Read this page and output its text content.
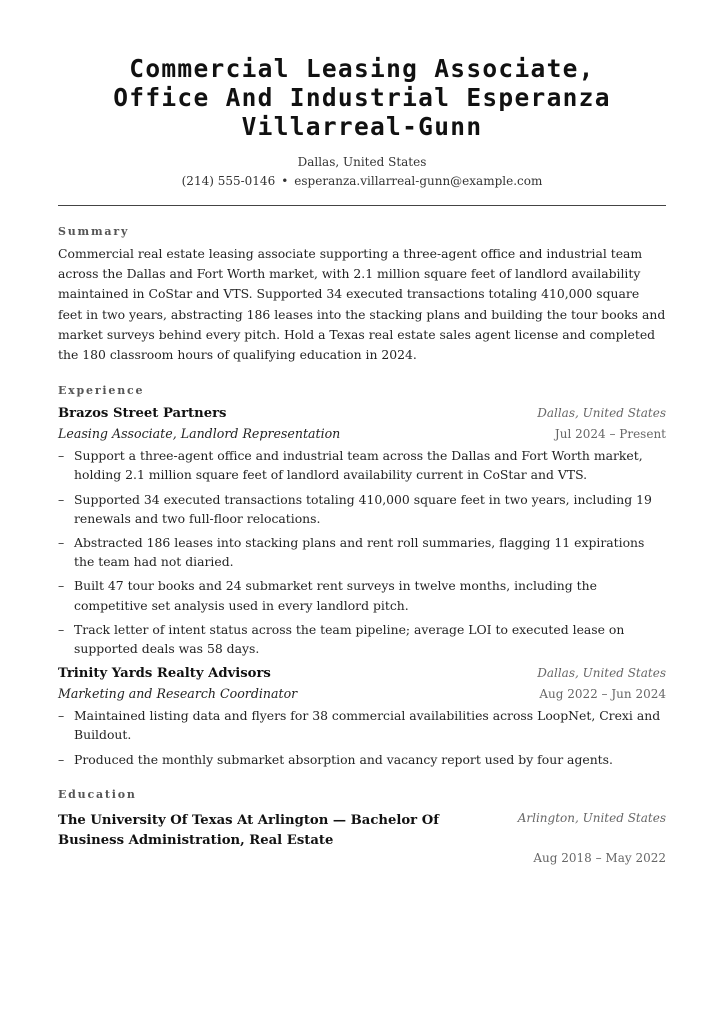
Commercial Leasing Associate,
Office And Industrial Esperanza
Villarreal-Gunn
Dallas, United States
(214) 555-0146 • esperanza.villarreal-gunn@example.com
Summary
Commercial real estate leasing associate supporting a three-agent office and industrial team across the Dallas and Fort Worth market, with 2.1 million square feet of landlord availability maintained in CoStar and VTS. Supported 34 executed transactions totaling 410,000 square feet in two years, abstracting 186 leases into the stacking plans and building the tour books and market surveys behind every pitch. Hold a Texas real estate sales agent license and completed the 180 classroom hours of qualifying education in 2024.
Experience
Brazos Street Partners	Dallas, United States
Leasing Associate, Landlord Representation	Jul 2024 – Present
– Support a three-agent office and industrial team across the Dallas and Fort Worth market, holding 2.1 million square feet of landlord availability current in CoStar and VTS.
– Supported 34 executed transactions totaling 410,000 square feet in two years, including 19 renewals and two full-floor relocations.
– Abstracted 186 leases into stacking plans and rent roll summaries, flagging 11 expirations the team had not diaried.
– Built 47 tour books and 24 submarket rent surveys in twelve months, including the competitive set analysis used in every landlord pitch.
– Track letter of intent status across the team pipeline; average LOI to executed lease on supported deals was 58 days.
Trinity Yards Realty Advisors	Dallas, United States
Marketing and Research Coordinator	Aug 2022 – Jun 2024
– Maintained listing data and flyers for 38 commercial availabilities across LoopNet, Crexi and Buildout.
– Produced the monthly submarket absorption and vacancy report used by four agents.
Education
The University Of Texas At Arlington — Bachelor Of
Business Administration, Real Estate
Arlington, United States
Aug 2018 – May 2022
